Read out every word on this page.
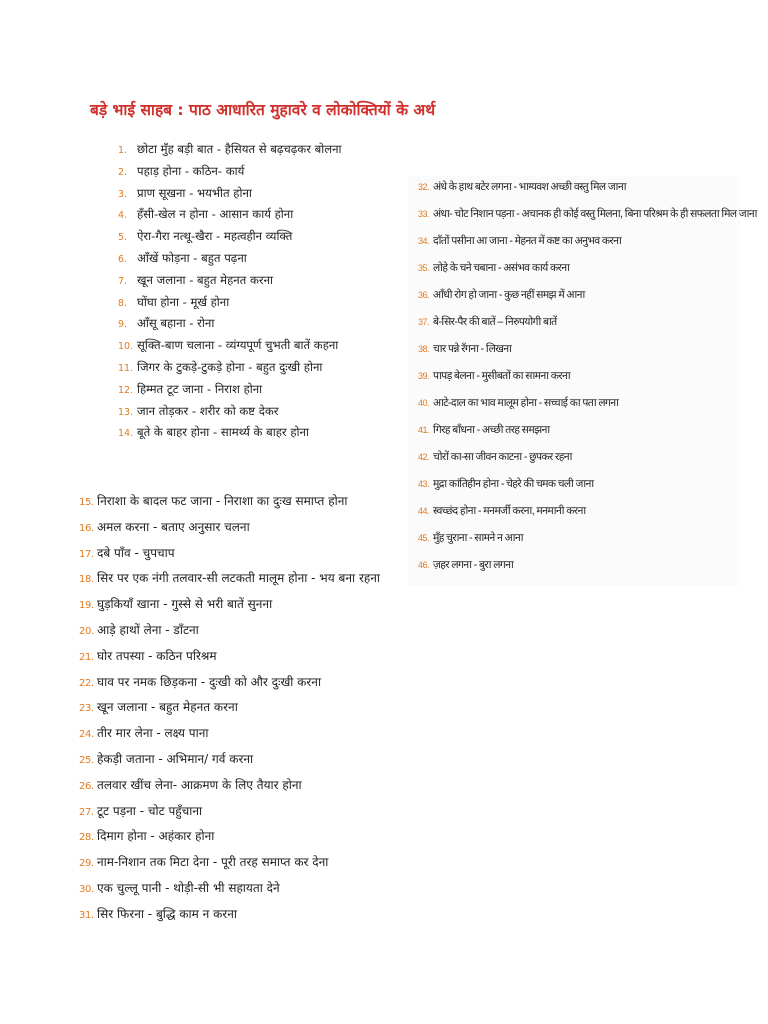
बड़े भाई साहब : पाठ आधारित मुहावरे व लोकोक्तियों के अर्थ
1. छोटा मुँह बड़ी बात - हैसियत से बढ़चढ़कर बोलना
2. पहाड़ होना - कठिन- कार्य
3. प्राण सूखना - भयभीत होना
4. हँसी-खेल न होना - आसान कार्य होना
5. ऐरा-गैरा नत्थू-खैरा - महत्वहीन व्यक्ति
6. आँखें फोड़ना - बहुत पढ़ना
7. खून जलाना - बहुत मेहनत करना
8. घोंघा होना - मूर्ख होना
9. आँसू बहाना - रोना
10. सूक्ति-बाण चलाना - व्यंग्यपूर्ण चुभती बातें कहना
11. जिगर के टुकड़े-टुकड़े होना - बहुत दुःखी होना
12. हिम्मत टूट जाना - निराश होना
13. जान तोड़कर - शरीर को कष्ट देकर
14. बूते के बाहर होना - सामर्थ्य के बाहर होना
15. निराशा के बादल फट जाना - निराशा का दुःख समाप्त होना
16. अमल करना - बताए अनुसार चलना
17. दबे पाँव - चुपचाप
18. सिर पर एक नंगी तलवार-सी लटकती मालूम होना - भय बना रहना
19. घुड़कियाँ खाना - गुस्से से भरी बातें सुनना
20. आड़े हाथों लेना - डाँटना
21. घोर तपस्या - कठिन परिश्रम
22. घाव पर नमक छिड़कना - दुःखी को और दुःखी करना
23. खून जलाना - बहुत मेहनत करना
24. तीर मार लेना - लक्ष्य पाना
25. हेकड़ी जताना - अभिमान/ गर्व करना
26. तलवार खींच लेना- आक्रमण के लिए तैयार होना
27. टूट पड़ना - चोट पहुँचाना
28. दिमाग होना - अहंकार होना
29. नाम-निशान तक मिटा देना - पूरी तरह समाप्त कर देना
30. एक चुल्लू पानी - थोड़ी-सी भी सहायता देने
31. सिर फिरना - बुद्धि काम न करना
32. अंधे के हाथ बटेर लगना - भाग्यवश अच्छी वस्तु मिल जाना
33. अंधा- चोट निशान पड़ना - अचानक ही कोई वस्तु मिलना, बिना परिश्रम के ही सफलता मिल जाना
34. दाँतों पसीना आ जाना - मेहनत में कष्ट का अनुभव करना
35. लोहे के चने चबाना - असंभव कार्य करना
36. आँधी रोग हो जाना - कुछ नहीं समझ में आना
37. बे-सिर-पैर की बातें – निरुपयोगी बातें
38. चार पन्ने रँगना - लिखना
39. पापड़ बेलना - मुसीबतों का सामना करना
40. आटे-दाल का भाव मालूम होना - सच्चाई का पता लगना
41. गिरह बाँधना - अच्छी तरह समझना
42. चोरों का-सा जीवन काटना - छुपकर रहना
43. मुद्रा कांतिहीन होना - चेहरे की चमक चली जाना
44. स्वच्छंद होना - मनमर्जी करना, मनमानी करना
45. मुँह चुराना - सामने न आना
46. ज़हर लगना - बुरा लगना
